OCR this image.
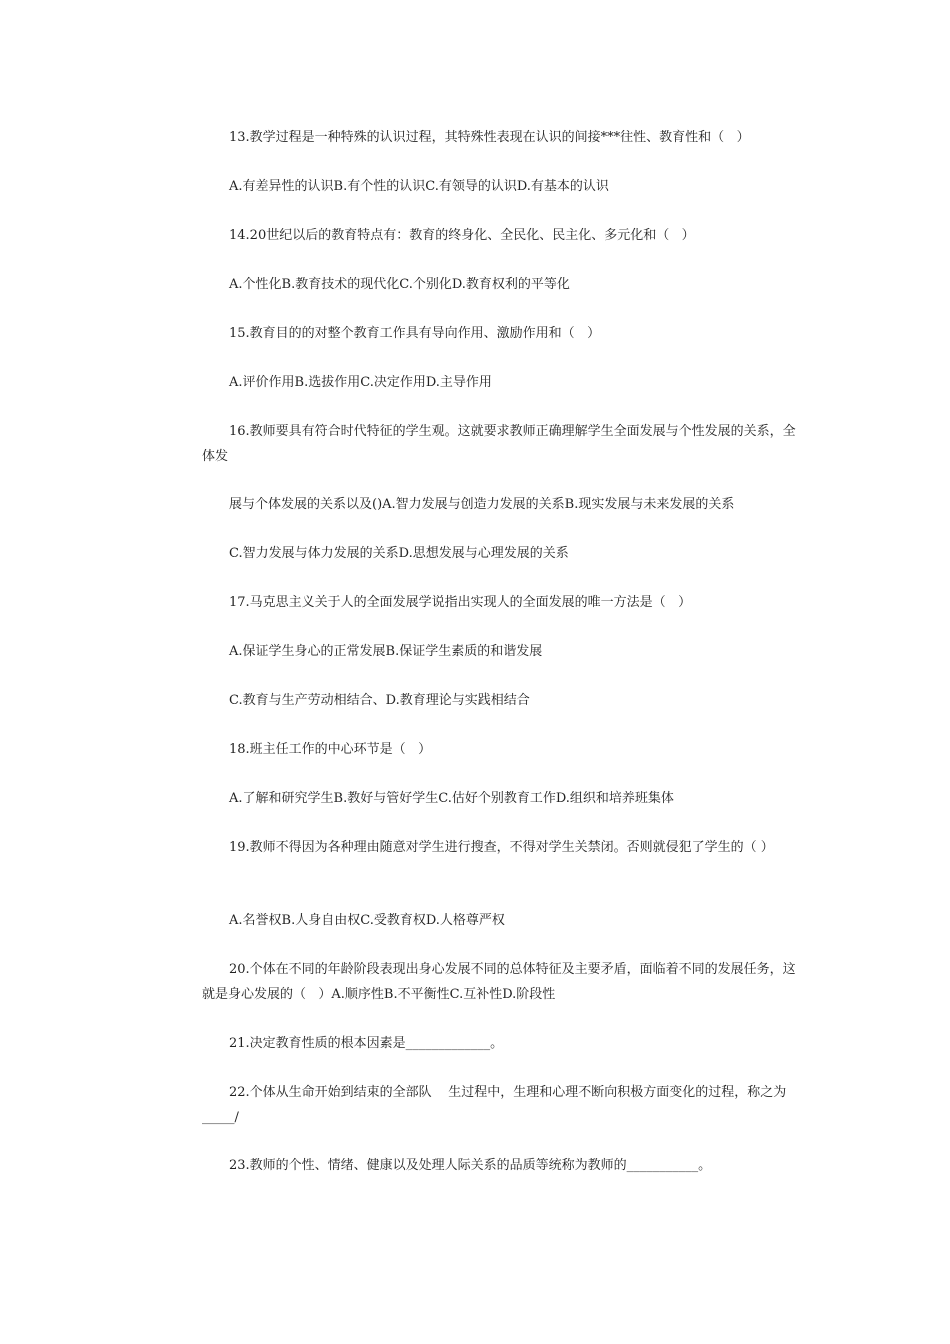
13.教学过程是一种特殊的认识过程，其特殊性表现在认识的间接***往性、教育性和（   ）

A.有差异性的认识B.有个性的认识C.有领导的认识D.有基本的认识

14.20世纪以后的教育特点有：教育的终身化、全民化、民主化、多元化和（   ）

A.个性化B.教育技术的现代化C.个别化D.教育权利的平等化

15.教育目的的对整个教育工作具有导向作用、激励作用和（   ）

A.评价作用B.选拔作用C.决定作用D.主导作用

16.教师要具有符合时代特征的学生观。这就要求教师正确理解学生全面发展与个性发展的关系，全体发

展与个体发展的关系以及()A.智力发展与创造力发展的关系B.现实发展与未来发展的关系

C.智力发展与体力发展的关系D.思想发展与心理发展的关系

17.马克思主义关于人的全面发展学说指出实现人的全面发展的唯一方法是（   ）

A.保证学生身心的正常发展B.保证学生素质的和谐发展

C.教育与生产劳动相结合、D.教育理论与实践相结合

18.班主任工作的中心环节是（   ）

A.了解和研究学生B.教好与管好学生C.估好个别教育工作D.组织和培养班集体

19.教师不得因为各种理由随意对学生进行搜查，不得对学生关禁闭。否则就侵犯了学生的（ ）

A.名誉权B.人身自由权C.受教育权D.人格尊严权

20.个体在不同的年龄阶段表现出身心发展不同的总体特征及主要矛盾，面临着不同的发展任务，这就是身心发展的（   ）A.顺序性B.不平衡性C.互补性D.阶段性

21.决定教育性质的根本因素是_____________。

22.个体从生命开始到结束的全部队    生过程中，生理和心理不断向积极方面变化的过程，称之为_____/

23.教师的个性、情绪、健康以及处理人际关系的品质等统称为教师的___________。
